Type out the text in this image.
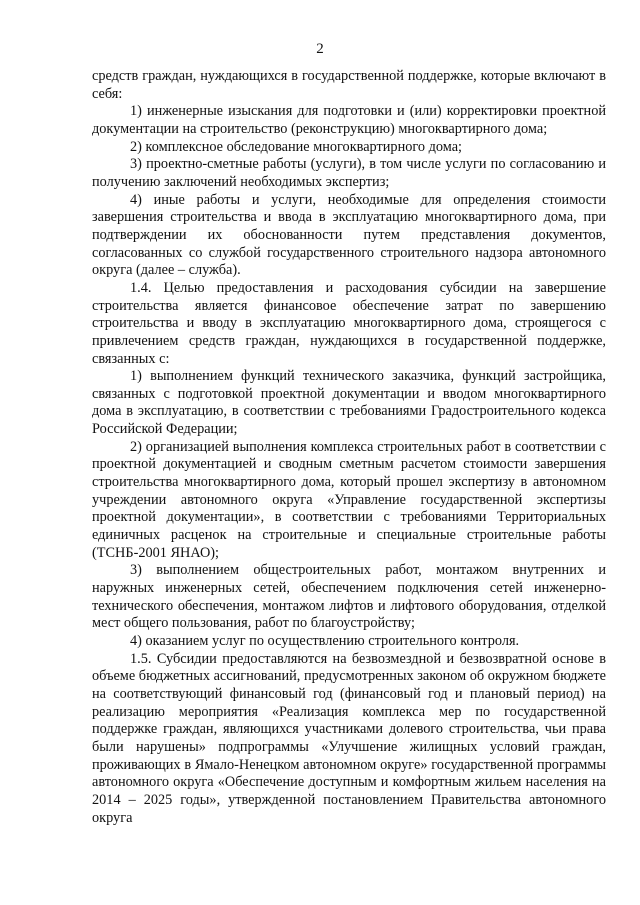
2

средств граждан, нуждающихся в государственной поддержке, которые включают в себя:

1) инженерные изыскания для подготовки и (или) корректировки проектной документации на строительство (реконструкцию) многоквартирного дома;

2) комплексное обследование многоквартирного дома;

3) проектно-сметные работы (услуги), в том числе услуги по согласованию и получению заключений необходимых экспертиз;

4) иные работы и услуги, необходимые для определения стоимости завершения строительства и ввода в эксплуатацию многоквартирного дома, при подтверждении их обоснованности путем представления документов, согласованных со службой государственного строительного надзора автономного округа (далее – служба).

1.4. Целью предоставления и расходования субсидии на завершение строительства является финансовое обеспечение затрат по завершению строительства и вводу в эксплуатацию многоквартирного дома, строящегося с привлечением средств граждан, нуждающихся в государственной поддержке, связанных с:

1) выполнением функций технического заказчика, функций застройщика, связанных с подготовкой проектной документации и вводом многоквартирного дома в эксплуатацию, в соответствии с требованиями Градостроительного кодекса Российской Федерации;

2) организацией выполнения комплекса строительных работ в соответствии с проектной документацией и сводным сметным расчетом стоимости завершения строительства многоквартирного дома, который прошел экспертизу в автономном учреждении автономного округа «Управление государственной экспертизы проектной документации», в соответствии с требованиями Территориальных единичных расценок на строительные и специальные строительные работы (ТСНБ-2001 ЯНАО);

3) выполнением общестроительных работ, монтажом внутренних и наружных инженерных сетей, обеспечением подключения сетей инженерно-технического обеспечения, монтажом лифтов и лифтового оборудования, отделкой мест общего пользования, работ по благоустройству;

4) оказанием услуг по осуществлению строительного контроля.

1.5. Субсидии предоставляются на безвозмездной и безвозвратной основе в объеме бюджетных ассигнований, предусмотренных законом об окружном бюджете на соответствующий финансовый год (финансовый год и плановый период) на реализацию мероприятия «Реализация комплекса мер по государственной поддержке граждан, являющихся участниками долевого строительства, чьи права были нарушены» подпрограммы «Улучшение жилищных условий граждан, проживающих в Ямало-Ненецком автономном округе» государственной программы автономного округа «Обеспечение доступным и комфортным жильем населения на 2014 – 2025 годы», утвержденной постановлением Правительства автономного округа
